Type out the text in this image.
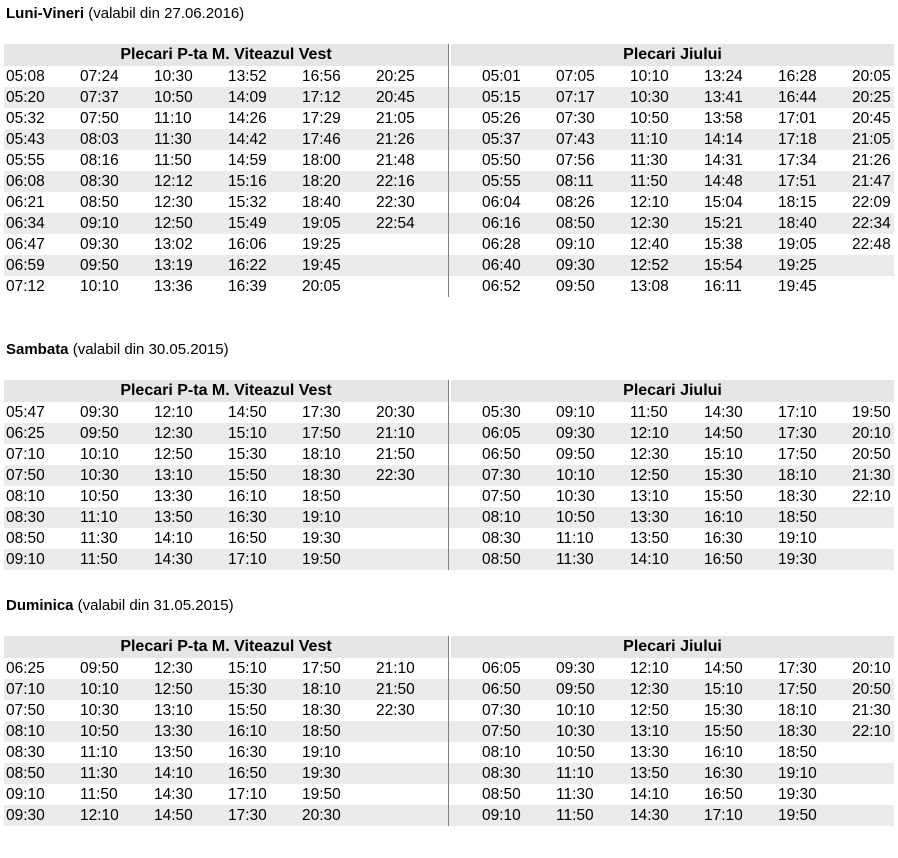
Luni-Vineri (valabil din 27.06.2016)
Plecari P-ta M. Viteazul Vest	Plecari Jiului
05:08 07:24 10:30 13:52 16:56 20:25	05:01 07:05 10:10 13:24 16:28 20:05
05:20 07:37 10:50 14:09 17:12 20:45	05:15 07:17 10:30 13:41 16:44 20:25
05:32 07:50 11:10 14:26 17:29 21:05	05:26 07:30 10:50 13:58 17:01 20:45
05:43 08:03 11:30 14:42 17:46 21:26	05:37 07:43 11:10 14:14 17:18 21:05
05:55 08:16 11:50 14:59 18:00 21:48	05:50 07:56 11:30 14:31 17:34 21:26
06:08 08:30 12:12 15:16 18:20 22:16	05:55 08:11 11:50 14:48 17:51 21:47
06:21 08:50 12:30 15:32 18:40 22:30	06:04 08:26 12:10 15:04 18:15 22:09
06:34 09:10 12:50 15:49 19:05 22:54	06:16 08:50 12:30 15:21 18:40 22:34
06:47 09:30 13:02 16:06 19:25	06:28 09:10 12:40 15:38 19:05 22:48
06:59 09:50 13:19 16:22 19:45	06:40 09:30 12:52 15:54 19:25
07:12 10:10 13:36 16:39 20:05	06:52 09:50 13:08 16:11 19:45
Sambata (valabil din 30.05.2015)
Plecari P-ta M. Viteazul Vest	Plecari Jiului
05:47 09:30 12:10 14:50 17:30 20:30	05:30 09:10 11:50 14:30 17:10 19:50
06:25 09:50 12:30 15:10 17:50 21:10	06:05 09:30 12:10 14:50 17:30 20:10
07:10 10:10 12:50 15:30 18:10 21:50	06:50 09:50 12:30 15:10 17:50 20:50
07:50 10:30 13:10 15:50 18:30 22:30	07:30 10:10 12:50 15:30 18:10 21:30
08:10 10:50 13:30 16:10 18:50	07:50 10:30 13:10 15:50 18:30 22:10
08:30 11:10 13:50 16:30 19:10	08:10 10:50 13:30 16:10 18:50
08:50 11:30 14:10 16:50 19:30	08:30 11:10 13:50 16:30 19:10
09:10 11:50 14:30 17:10 19:50	08:50 11:30 14:10 16:50 19:30
Duminica (valabil din 31.05.2015)
Plecari P-ta M. Viteazul Vest	Plecari Jiului
06:25 09:50 12:30 15:10 17:50 21:10	06:05 09:30 12:10 14:50 17:30 20:10
07:10 10:10 12:50 15:30 18:10 21:50	06:50 09:50 12:30 15:10 17:50 20:50
07:50 10:30 13:10 15:50 18:30 22:30	07:30 10:10 12:50 15:30 18:10 21:30
08:10 10:50 13:30 16:10 18:50	07:50 10:30 13:10 15:50 18:30 22:10
08:30 11:10 13:50 16:30 19:10	08:10 10:50 13:30 16:10 18:50
08:50 11:30 14:10 16:50 19:30	08:30 11:10 13:50 16:30 19:10
09:10 11:50 14:30 17:10 19:50	08:50 11:30 14:10 16:50 19:30
09:30 12:10 14:50 17:30 20:30	09:10 11:50 14:30 17:10 19:50
